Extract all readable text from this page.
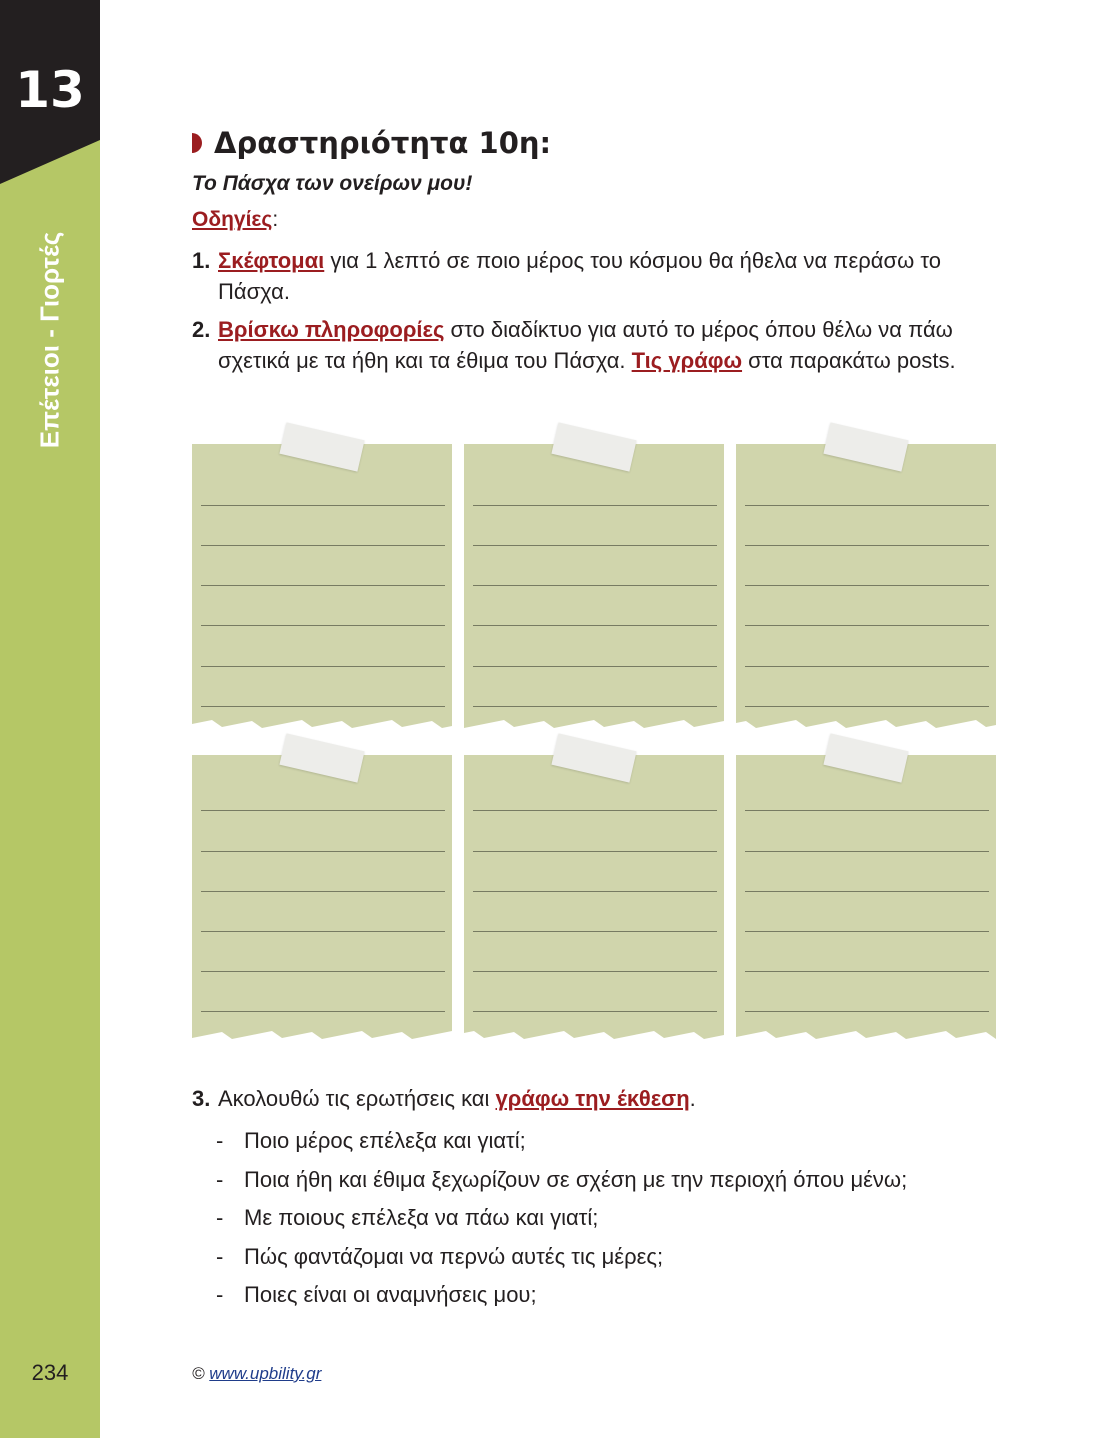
13
Επέτειοι - Γιορτές
234
Δραστηριότητα 10η:
Το Πάσχα των ονείρων μου!
Οδηγίες:
1. Σκέφτομαι για 1 λεπτό σε ποιο μέρος του κόσμου θα ήθελα να περάσω το Πάσχα.
2. Βρίσκω πληροφορίες στο διαδίκτυο για αυτό το μέρος όπου θέλω να πάω σχετικά με τα ήθη και τα έθιμα του Πάσχα. Τις γράφω στα παρακάτω posts.
3. Ακολουθώ τις ερωτήσεις και γράφω την έκθεση.
- Ποιο μέρος επέλεξα και γιατί;
- Ποια ήθη και έθιμα ξεχωρίζουν σε σχέση με την περιοχή όπου μένω;
- Με ποιους επέλεξα να πάω και γιατί;
- Πώς φαντάζομαι να περνώ αυτές τις μέρες;
- Ποιες είναι οι αναμνήσεις μου;
© www.upbility.gr
